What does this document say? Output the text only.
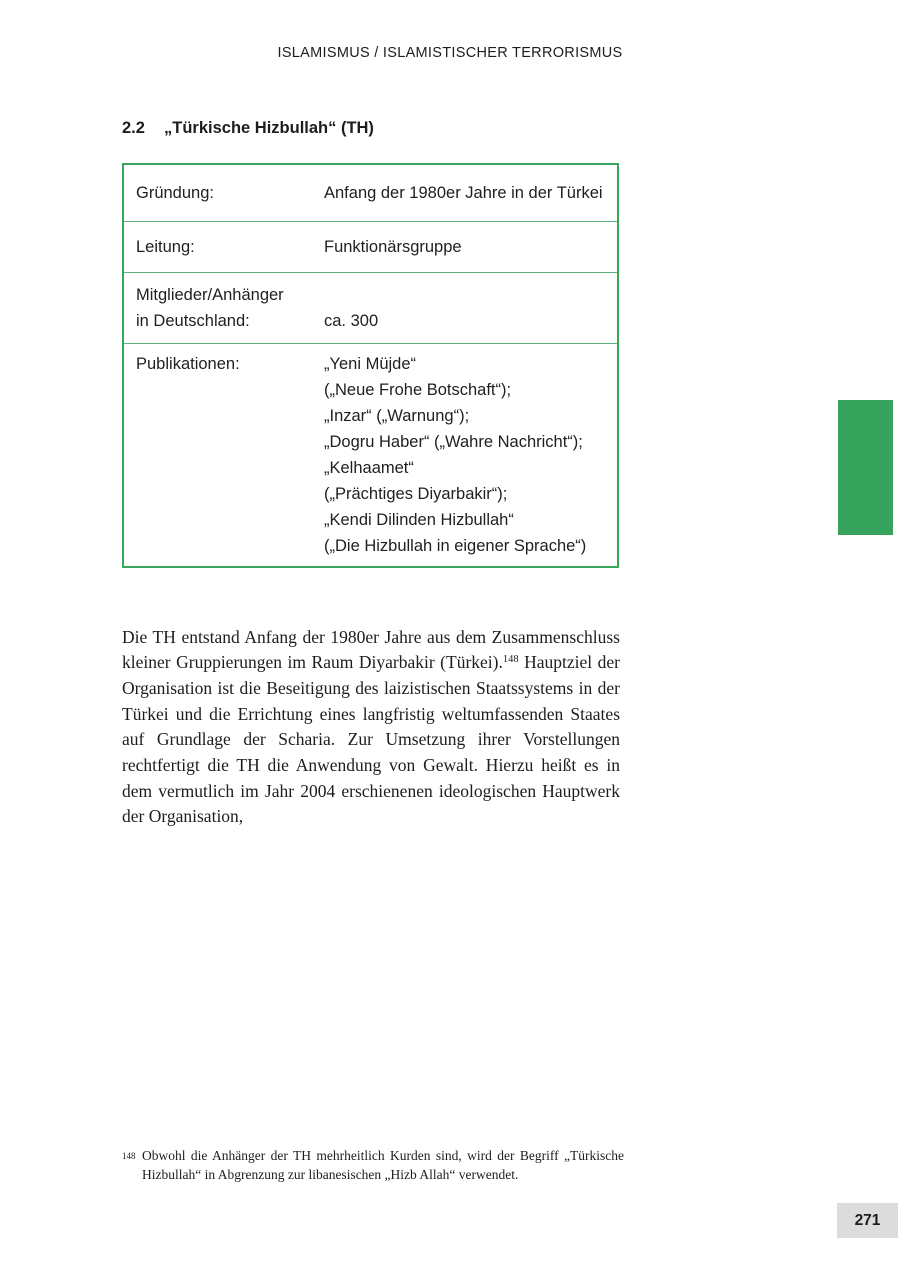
ISLAMISMUS / ISLAMISTISCHER TERRORISMUS
2.2	„Türkische Hizbullah“ (TH)
Gründung:	Anfang der 1980er Jahre in der Türkei
Leitung:	Funktionärsgruppe
Mitglieder/Anhänger
in Deutschland:	ca. 300
Publikationen:	„Yeni Müjde“
(„Neue Frohe Botschaft“);
„Inzar“ („Warnung“);
„Dogru Haber“ („Wahre Nachricht“);
„Kelhaamet“
(„Prächtiges Diyarbakir“);
„Kendi Dilinden Hizbullah“
(„Die Hizbullah in eigener Sprache“)

Die TH entstand Anfang der 1980er Jahre aus dem Zusammenschluss kleiner Gruppierungen im Raum Diyarbakir (Türkei).$^{148}$ Hauptziel der Organisation ist die Beseitigung des laizistischen Staatssystems in der Türkei und die Errichtung eines langfristig weltumfassenden Staates auf Grundlage der Scharia. Zur Umsetzung ihrer Vorstellungen rechtfertigt die TH die Anwendung von Gewalt. Hierzu heißt es in dem vermutlich im Jahr 2004 erschienenen ideologischen Hauptwerk der Organisation,

148 Obwohl die Anhänger der TH mehrheitlich Kurden sind, wird der Begriff „Türkische Hizbullah“ in Abgrenzung zur libanesischen „Hizb Allah“ verwendet.
271
